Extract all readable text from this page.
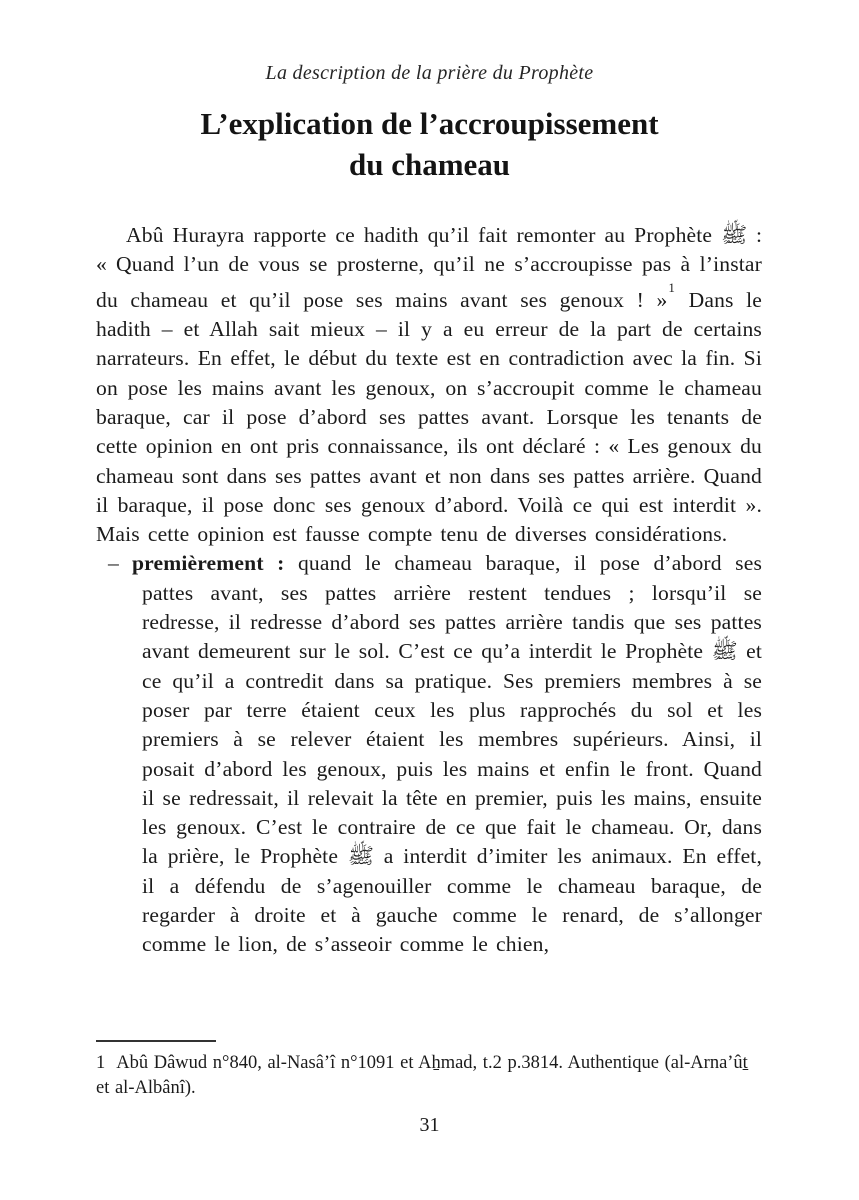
La description de la prière du Prophète
L’explication de l’accroupissement
du chameau

Abû Hurayra rapporte ce hadith qu’il fait remonter au Prophète ﷺ : « Quand l’un de vous se prosterne, qu’il ne s’accroupisse pas à l’instar du chameau et qu’il pose ses mains avant ses genoux ! »$^1$ Dans le hadith – et Allah sait mieux – il y a eu erreur de la part de certains narrateurs. En effet, le début du texte est en contradiction avec la fin. Si on pose les mains avant les genoux, on s’accroupit comme le chameau baraque, car il pose d’abord ses pattes avant. Lorsque les tenants de cette opinion en ont pris connaissance, ils ont déclaré : « Les genoux du chameau sont dans ses pattes avant et non dans ses pattes arrière. Quand il baraque, il pose donc ses genoux d’abord. Voilà ce qui est interdit ». Mais cette opinion est fausse compte tenu de diverses considérations.

– premièrement : quand le chameau baraque, il pose d’abord ses pattes avant, ses pattes arrière restent tendues ; lorsqu’il se redresse, il redresse d’abord ses pattes arrière tandis que ses pattes avant demeurent sur le sol. C’est ce qu’a interdit le Prophète ﷺ et ce qu’il a contredit dans sa pratique. Ses premiers membres à se poser par terre étaient ceux les plus rapprochés du sol et les premiers à se relever étaient les membres supérieurs. Ainsi, il posait d’abord les genoux, puis les mains et enfin le front. Quand il se redressait, il relevait la tête en premier, puis les mains, ensuite les genoux. C’est le contraire de ce que fait le chameau. Or, dans la prière, le Prophète ﷺ a interdit d’imiter les animaux. En effet, il a défendu de s’agenouiller comme le chameau baraque, de regarder à droite et à gauche comme le renard, de s’allonger comme le lion, de s’asseoir comme le chien,

1 Abû Dâwud n°840, al-Nasâ’î n°1091 et Aẖmad, t.2 p.3814. Authentique (al-Arna’ûṯ et al-Albânî).

31
